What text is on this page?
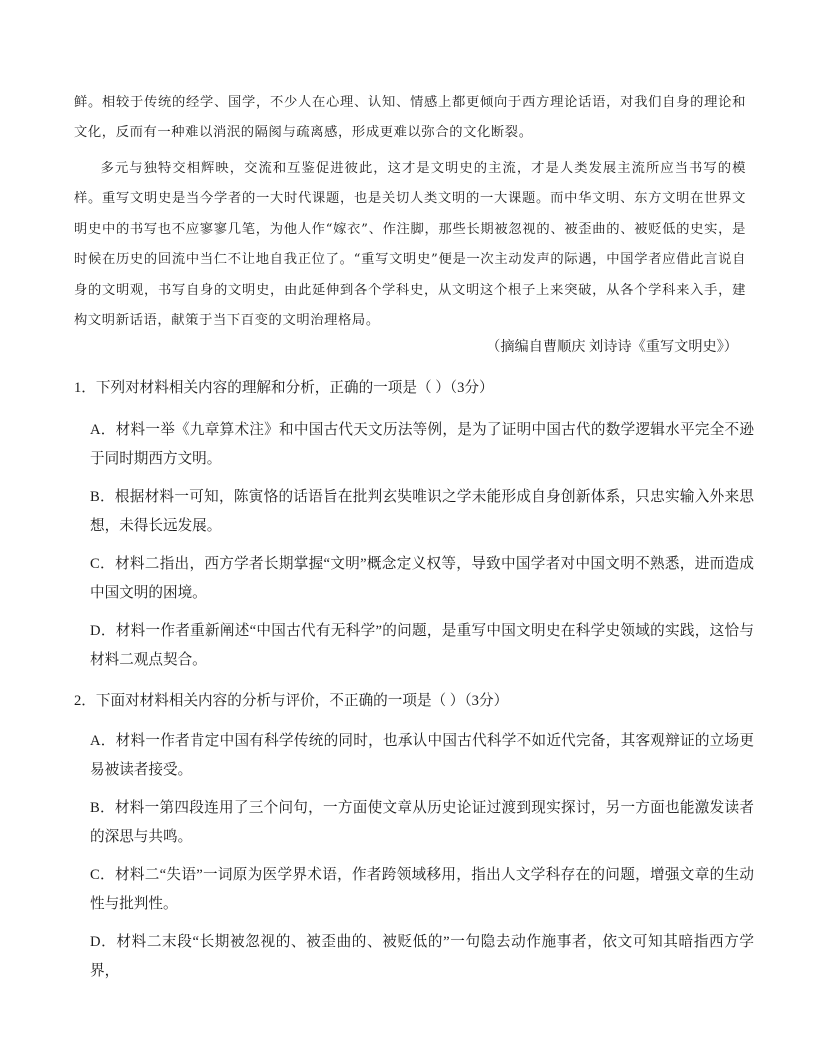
鲜。相较于传统的经学、国学，不少人在心理、认知、情感上都更倾向于西方理论话语，对我们自身的理论和文化，反而有一种难以消泯的隔阂与疏离感，形成更难以弥合的文化断裂。

多元与独特交相辉映，交流和互鉴促进彼此，这才是文明史的主流，才是人类发展主流所应当书写的模样。重写文明史是当今学者的一大时代课题，也是关切人类文明的一大课题。而中华文明、东方文明在世界文明史中的书写也不应寥寥几笔，为他人作“嫁衣”、作注脚，那些长期被忽视的、被歪曲的、被贬低的史实，是时候在历史的回流中当仁不让地自我正位了。“重写文明史”便是一次主动发声的际遇，中国学者应借此言说自身的文明观，书写自身的文明史，由此延伸到各个学科史，从文明这个根子上来突破，从各个学科来入手，建构文明新话语，献策于当下百变的文明治理格局。

（摘编自曹顺庆 刘诗诗《重写文明史》）
1．下列对材料相关内容的理解和分析，正确的一项是（ ）（3分）
A．材料一举《九章算术注》和中国古代天文历法等例，是为了证明中国古代的数学逻辑水平完全不逊于同时期西方文明。
B．根据材料一可知，陈寅恪的话语旨在批判玄奘唯识之学未能形成自身创新体系，只忠实输入外来思想，未得长远发展。
C．材料二指出，西方学者长期掌握“文明”概念定义权等，导致中国学者对中国文明不熟悉，进而造成中国文明的困境。
D．材料一作者重新阐述“中国古代有无科学”的问题，是重写中国文明史在科学史领域的实践，这恰与材料二观点契合。
2．下面对材料相关内容的分析与评价，不正确的一项是（ ）（3分）
A．材料一作者肯定中国有科学传统的同时，也承认中国古代科学不如近代完备，其客观辩证的立场更易被读者接受。
B．材料一第四段连用了三个问句，一方面使文章从历史论证过渡到现实探讨，另一方面也能激发读者的深思与共鸣。
C．材料二“失语”一词原为医学界术语，作者跨领域移用，指出人文学科存在的问题，增强文章的生动性与批判性。
D．材料二末段“长期被忽视的、被歪曲的、被贬低的”一句隐去动作施事者，依文可知其暗指西方学界，
